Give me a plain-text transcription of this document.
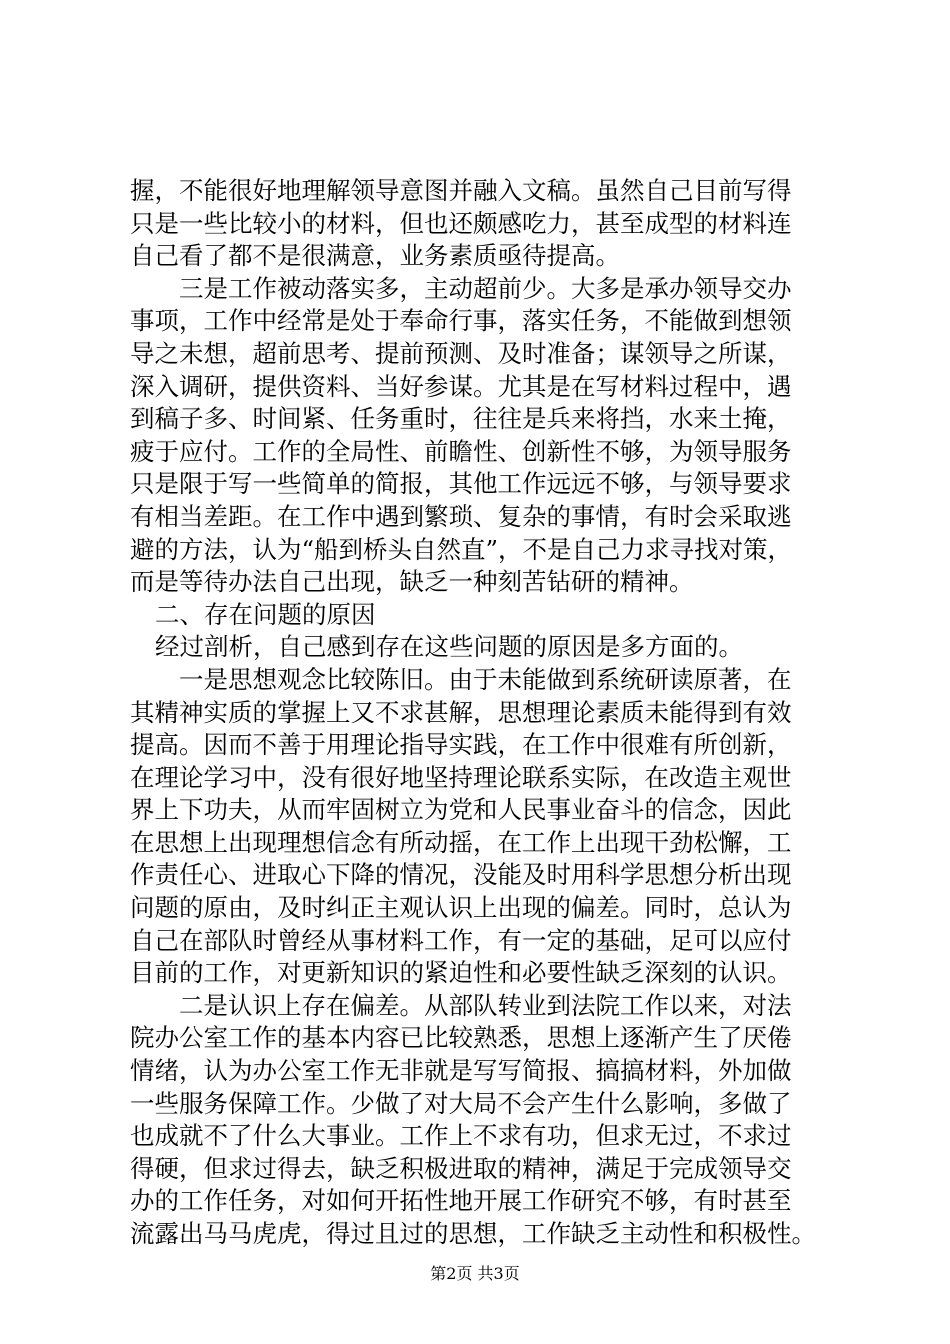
握，不能很好地理解领导意图并融入文稿。虽然自己目前写得
只是一些比较小的材料，但也还颇感吃力，甚至成型的材料连
自己看了都不是很满意，业务素质亟待提高。
三是工作被动落实多，主动超前少。大多是承办领导交办
事项，工作中经常是处于奉命行事，落实任务，不能做到想领
导之未想，超前思考、提前预测、及时准备；谋领导之所谋，
深入调研，提供资料、当好参谋。尤其是在写材料过程中，遇
到稿子多、时间紧、任务重时，往往是兵来将挡，水来土掩，
疲于应付。工作的全局性、前瞻性、创新性不够，为领导服务
只是限于写一些简单的简报，其他工作远远不够，与领导要求
有相当差距。在工作中遇到繁琐、复杂的事情，有时会采取逃
避的方法，认为“船到桥头自然直”，不是自己力求寻找对策，
而是等待办法自己出现，缺乏一种刻苦钻研的精神。
二、存在问题的原因
经过剖析，自己感到存在这些问题的原因是多方面的。
一是思想观念比较陈旧。由于未能做到系统研读原著，在
其精神实质的掌握上又不求甚解，思想理论素质未能得到有效
提高。因而不善于用理论指导实践，在工作中很难有所创新，
在理论学习中，没有很好地坚持理论联系实际，在改造主观世
界上下功夫，从而牢固树立为党和人民事业奋斗的信念，因此
在思想上出现理想信念有所动摇，在工作上出现干劲松懈，工
作责任心、进取心下降的情况，没能及时用科学思想分析出现
问题的原由，及时纠正主观认识上出现的偏差。同时，总认为
自己在部队时曾经从事材料工作，有一定的基础，足可以应付
目前的工作，对更新知识的紧迫性和必要性缺乏深刻的认识。
二是认识上存在偏差。从部队转业到法院工作以来，对法
院办公室工作的基本内容已比较熟悉，思想上逐渐产生了厌倦
情绪，认为办公室工作无非就是写写简报、搞搞材料，外加做
一些服务保障工作。少做了对大局不会产生什么影响，多做了
也成就不了什么大事业。工作上不求有功，但求无过，不求过
得硬，但求过得去，缺乏积极进取的精神，满足于完成领导交
办的工作任务，对如何开拓性地开展工作研究不够，有时甚至
流露出马马虎虎，得过且过的思想，工作缺乏主动性和积极性。
第2页 共3页
